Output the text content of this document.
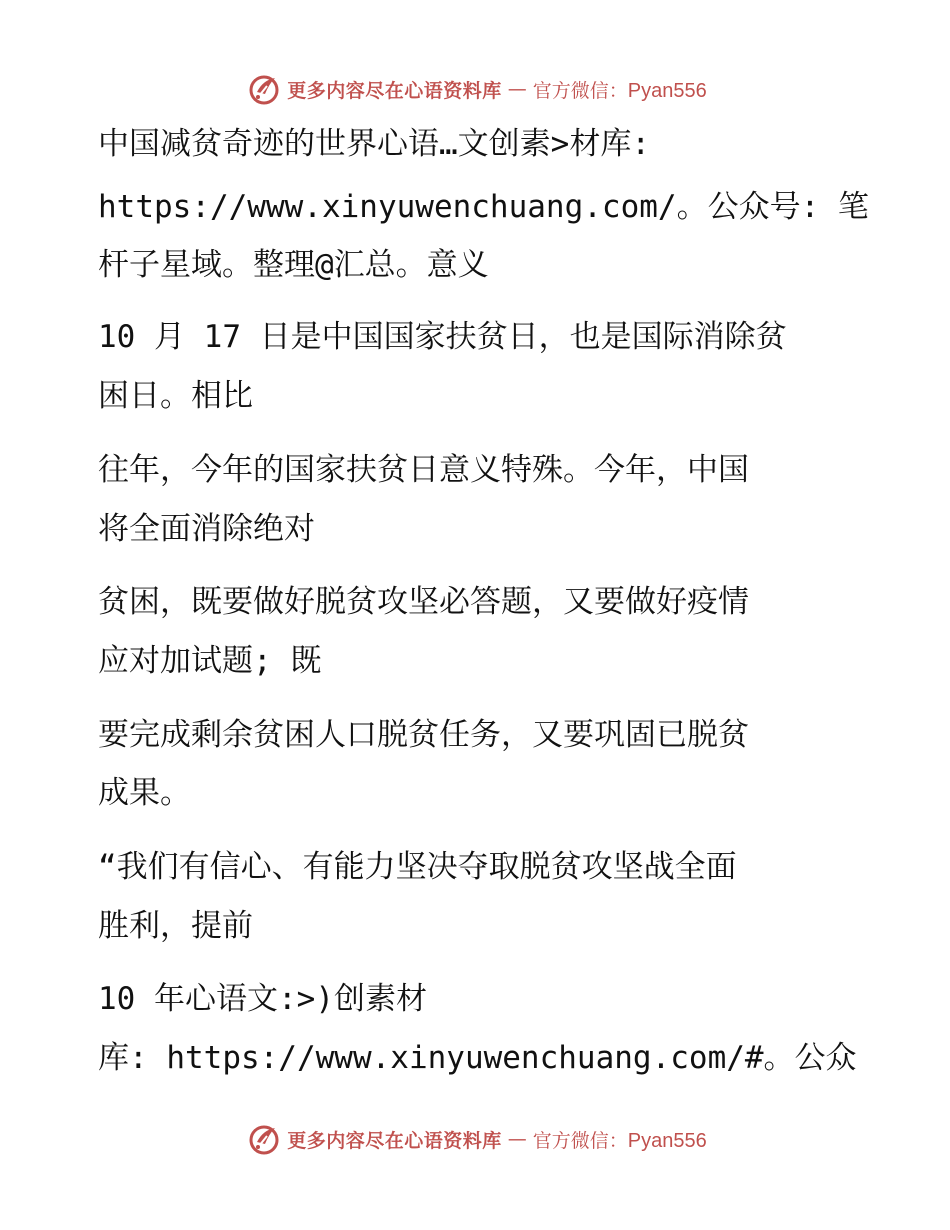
更多内容尽在心语资料库 — 官方微信：Pyan556
中国减贫奇迹的世界心语…文创素>材库:
https://www.xinyuwenchuang.com/。公众号: 笔
杆子星域。整理@汇总。意义
10 月 17 日是中国国家扶贫日，也是国际消除贫
困日。相比
往年，今年的国家扶贫日意义特殊。今年，中国
将全面消除绝对
贫困，既要做好脱贫攻坚必答题，又要做好疫情
应对加试题; 既
要完成剩余贫困人口脱贫任务，又要巩固已脱贫
成果。
“我们有信心、有能力坚决夺取脱贫攻坚战全面
胜利，提前
10 年心语文:>)创素材
库: https://www.xinyuwenchuang.com/#。公众
更多内容尽在心语资料库 — 官方微信：Pyan556
